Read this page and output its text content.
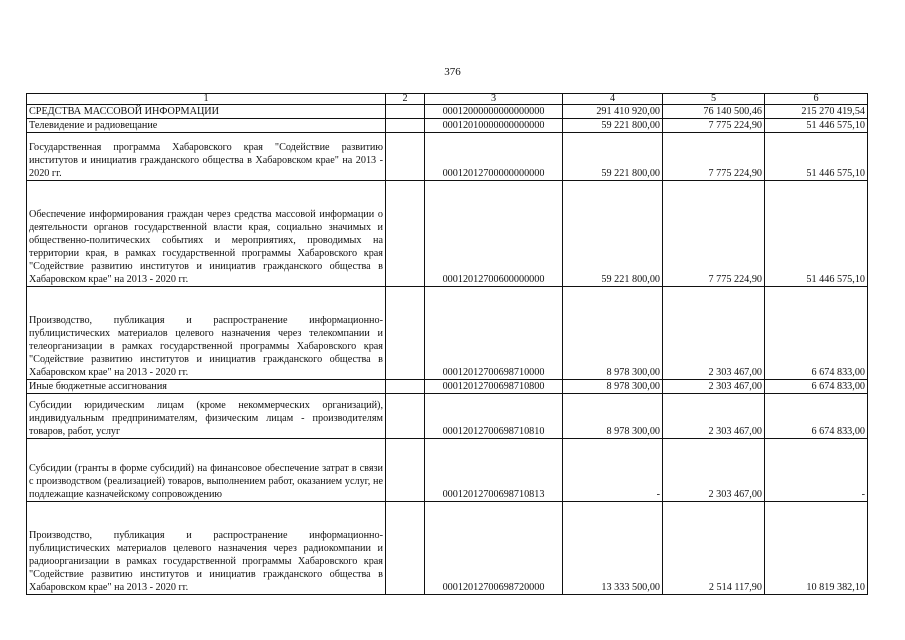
376
1	2	3	4	5	6
СРЕДСТВА МАССОВОЙ ИНФОРМАЦИИ		00012000000000000000	291 410 920,00	76 140 500,46	215 270 419,54
Телевидение и радиовещание		00012010000000000000	59 221 800,00	7 775 224,90	51 446 575,10
Государственная программа Хабаровского края "Содействие развитию институтов и инициатив гражданского общества в Хабаровском крае" на 2013 - 2020 гг.		00012012700000000000	59 221 800,00	7 775 224,90	51 446 575,10
Обеспечение информирования граждан через средства массовой информации о деятельности органов государственной власти края, социально значимых и общественно-политических событиях и мероприятиях, проводимых на территории края, в рамках государственной программы Хабаровского края "Содействие развитию институтов и инициатив гражданского общества в Хабаровском крае" на 2013 - 2020 гг.		00012012700600000000	59 221 800,00	7 775 224,90	51 446 575,10
Производство, публикация и распространение информационно-публицистических материалов целевого назначения через телекомпании и телеорганизации в рамках государственной программы Хабаровского края "Содействие развитию институтов и инициатив гражданского общества в Хабаровском крае" на 2013 - 2020 гг.		00012012700698710000	8 978 300,00	2 303 467,00	6 674 833,00
Иные бюджетные ассигнования		00012012700698710800	8 978 300,00	2 303 467,00	6 674 833,00
Субсидии юридическим лицам (кроме некоммерческих организаций), индивидуальным предпринимателям, физическим лицам - производителям товаров, работ, услуг		00012012700698710810	8 978 300,00	2 303 467,00	6 674 833,00
Субсидии (гранты в форме субсидий) на финансовое обеспечение затрат в связи с производством (реализацией) товаров, выполнением работ, оказанием услуг, не подлежащие казначейскому сопровождению		00012012700698710813	-	2 303 467,00	-
Производство, публикация и распространение информационно-публицистических материалов целевого назначения через радиокомпании и радиоорганизации в рамках государственной программы Хабаровского края "Содействие развитию институтов и инициатив гражданского общества в Хабаровском крае" на 2013 - 2020 гг.		00012012700698720000	13 333 500,00	2 514 117,90	10 819 382,10
